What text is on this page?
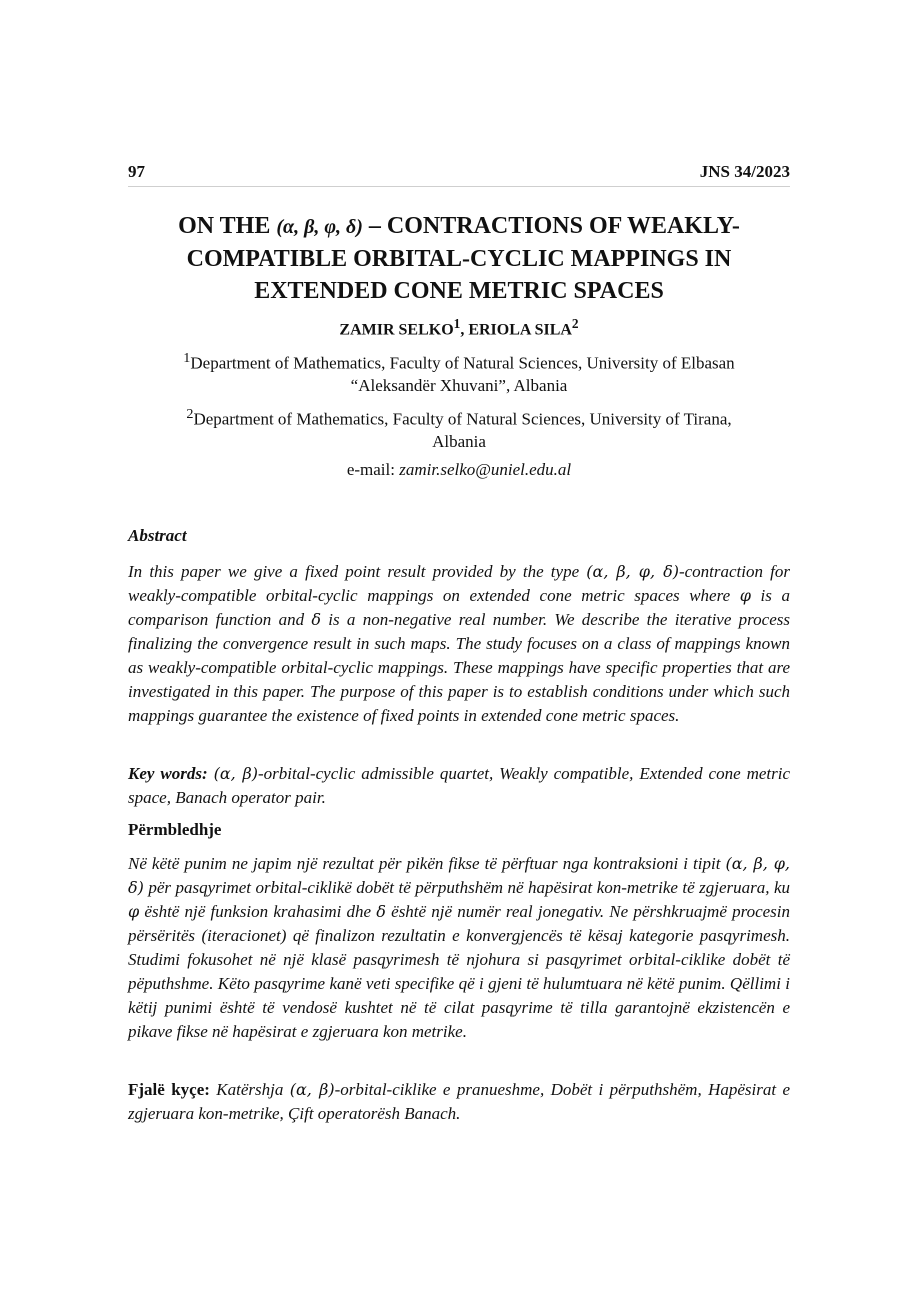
97	JNS 34/2023
ON THE (α, β, φ, δ) – CONTRACTIONS OF WEAKLY-
COMPATIBLE ORBITAL-CYCLIC MAPPINGS IN
EXTENDED CONE METRIC SPACES
ZAMIR SELKO$^1$, ERIOLA SILA$^2$
$^1$Department of Mathematics, Faculty of Natural Sciences, University of Elbasan
“Aleksandër Xhuvani”, Albania
$^2$Department of Mathematics, Faculty of Natural Sciences, University of Tirana,
Albania
e-mail: zamir.selko@uniel.edu.al
Abstract
In this paper we give a fixed point result provided by the type (α, β, φ, δ)-contraction for weakly-compatible orbital-cyclic mappings on extended cone metric spaces where φ is a comparison function and δ is a non-negative real number. We describe the iterative process finalizing the convergence result in such maps. The study focuses on a class of mappings known as weakly-compatible orbital-cyclic mappings. These mappings have specific properties that are investigated in this paper. The purpose of this paper is to establish conditions under which such mappings guarantee the existence of fixed points in extended cone metric spaces.
Key words: (α, β)-orbital-cyclic admissible quartet, Weakly compatible, Extended cone metric space, Banach operator pair.
Përmbledhje
Në këtë punim ne japim një rezultat për pikën fikse të përftuar nga kontraksioni i tipit (α, β, φ, δ) për pasqyrimet orbital-ciklikë dobët të përputhshëm në hapësirat kon-metrike të zgjeruara, ku φ është një funksion krahasimi dhe δ është një numër real jonegativ. Ne përshkruajmë procesin përsëritës (iteracionet) që finalizon rezultatin e konvergjencës të kësaj kategorie pasqyrimesh. Studimi fokusohet në një klasë pasqyrimesh të njohura si pasqyrimet orbital-ciklike dobët të pëputhshme. Këto pasqyrime kanë veti specifike që i gjeni të hulumtuara në këtë punim. Qëllimi i këtij punimi është të vendosë kushtet në të cilat pasqyrime të tilla garantojnë ekzistencën e pikave fikse në hapësirat e zgjeruara kon metrike.
Fjalë kyçe: Katërshja (α, β)-orbital-ciklike e pranueshme, Dobët i përputhshëm, Hapësirat e zgjeruara kon-metrike, Çift operatorësh Banach.
